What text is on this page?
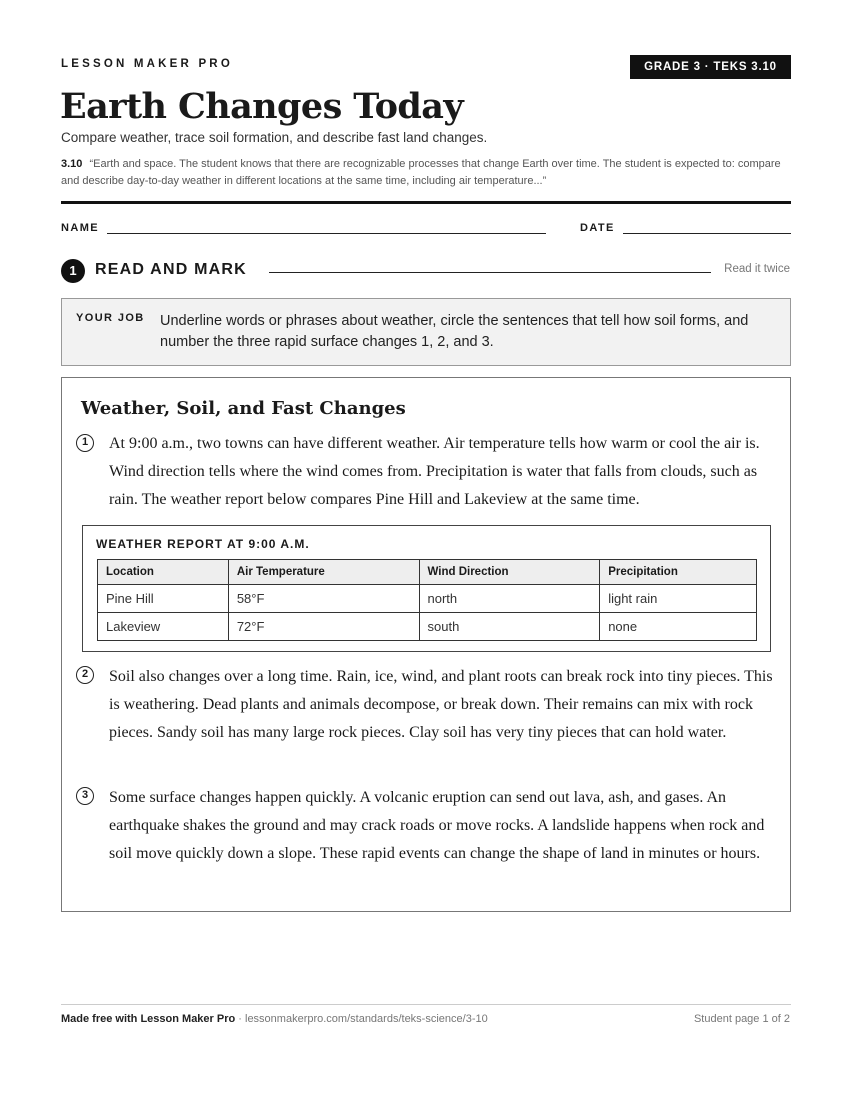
LESSON MAKER PRO	GRADE 3 · TEKS 3.10
Earth Changes Today
Compare weather, trace soil formation, and describe fast land changes.
3.10 “Earth and space. The student knows that there are recognizable processes that change Earth over time. The student is expected to: compare and describe day-to-day weather in different locations at the same time, including air temperature...”
NAME	DATE
1	READ AND MARK	Read it twice
YOUR JOB Underline words or phrases about weather, circle the sentences that tell how soil forms, and number the three rapid surface changes 1, 2, and 3.
Weather, Soil, and Fast Changes
1	At 9:00 a.m., two towns can have different weather. Air temperature tells how warm or cool the air is. Wind direction tells where the wind comes from. Precipitation is water that falls from clouds, such as rain. The weather report below compares Pine Hill and Lakeview at the same time.
WEATHER REPORT AT 9:00 A.M.
Location	Air Temperature	Wind Direction	Precipitation
Pine Hill	58°F	north	light rain
Lakeview	72°F	south	none
2	Soil also changes over a long time. Rain, ice, wind, and plant roots can break rock into tiny pieces. This is weathering. Dead plants and animals decompose, or break down. Their remains can mix with rock pieces. Sandy soil has many large rock pieces. Clay soil has very tiny pieces that can hold water.
3	Some surface changes happen quickly. A volcanic eruption can send out lava, ash, and gases. An earthquake shakes the ground and may crack roads or move rocks. A landslide happens when rock and soil move quickly down a slope. These rapid events can change the shape of land in minutes or hours.
Made free with Lesson Maker Pro · lessonmakerpro.com/standards/teks-science/3-10	Student page 1 of 2
